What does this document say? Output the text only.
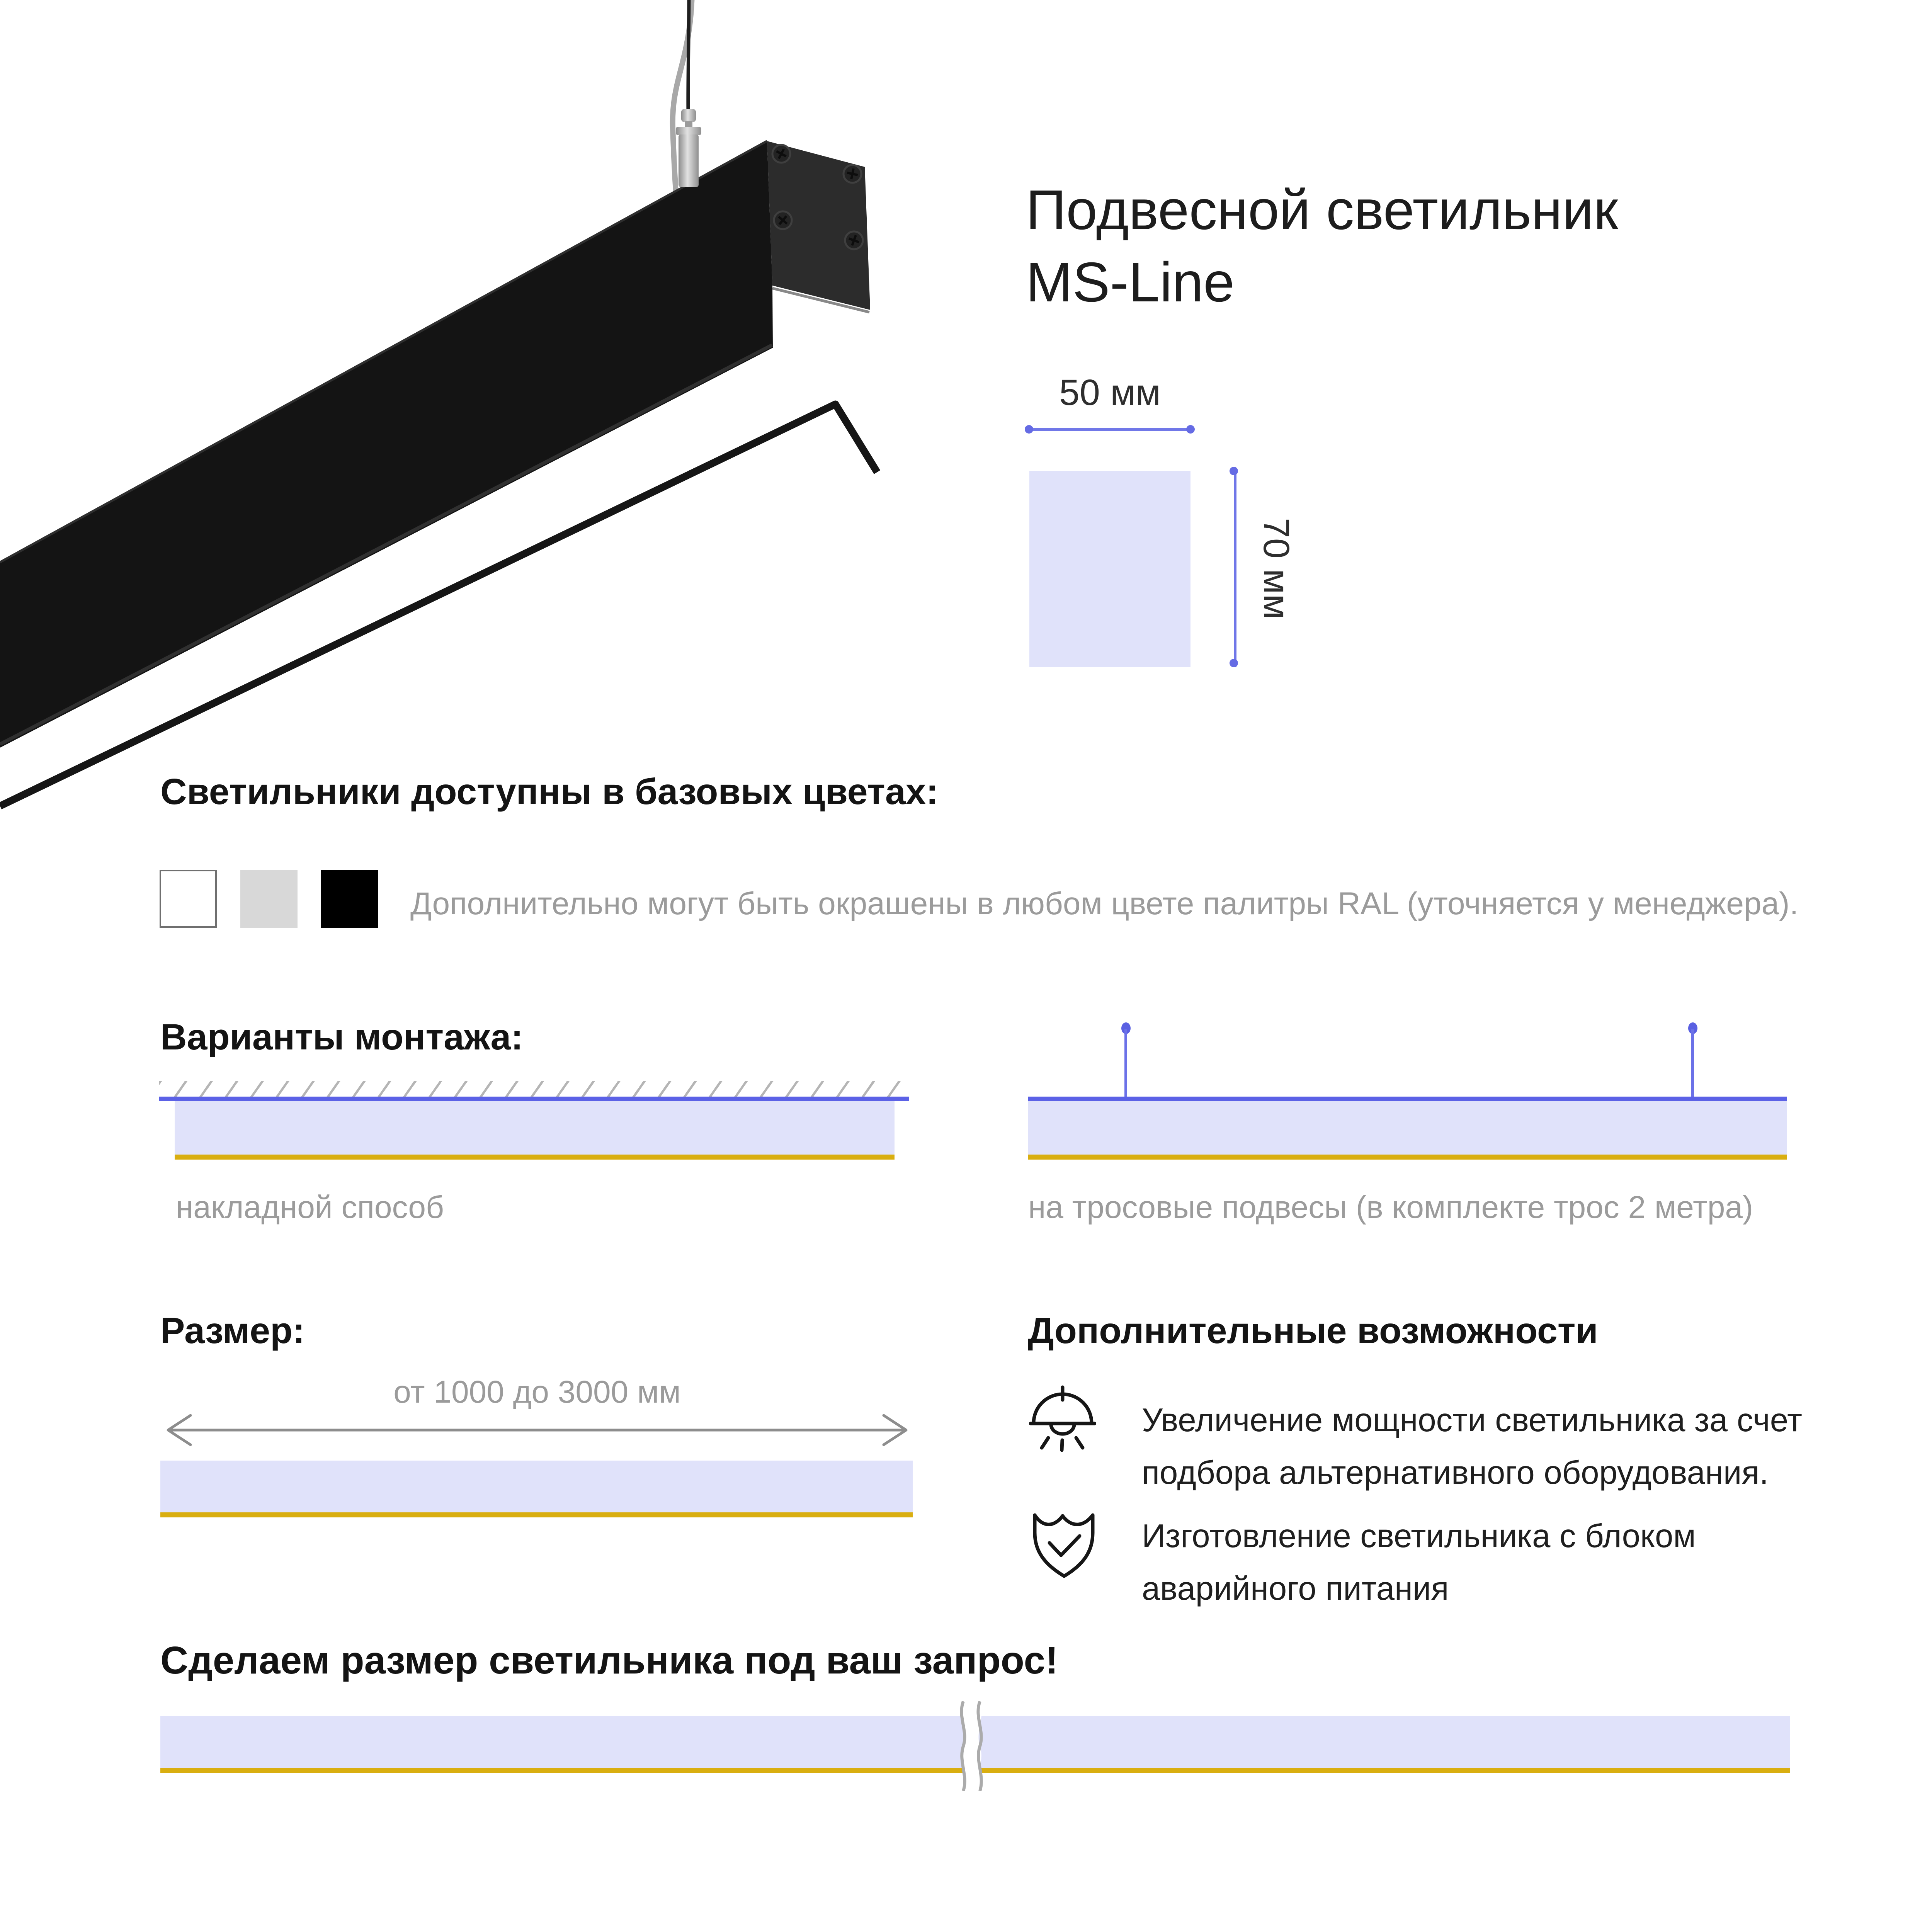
Подвесной светильник
MS-Line
50 мм
70 мм
Светильники доступны в базовых цветах:
Дополнительно могут быть окрашены в любом цвете палитры RAL (уточняется у менеджера).
Варианты монтажа:
накладной способ	на тросовые подвесы (в комплекте трос 2 метра)
Размер:
от 1000 до 3000 мм
Дополнительные возможности
Увеличение мощности светильника за счет подбора альтернативного оборудования.
Изготовление светильника с блоком аварийного питания
Сделаем размер светильника под ваш запрос!
